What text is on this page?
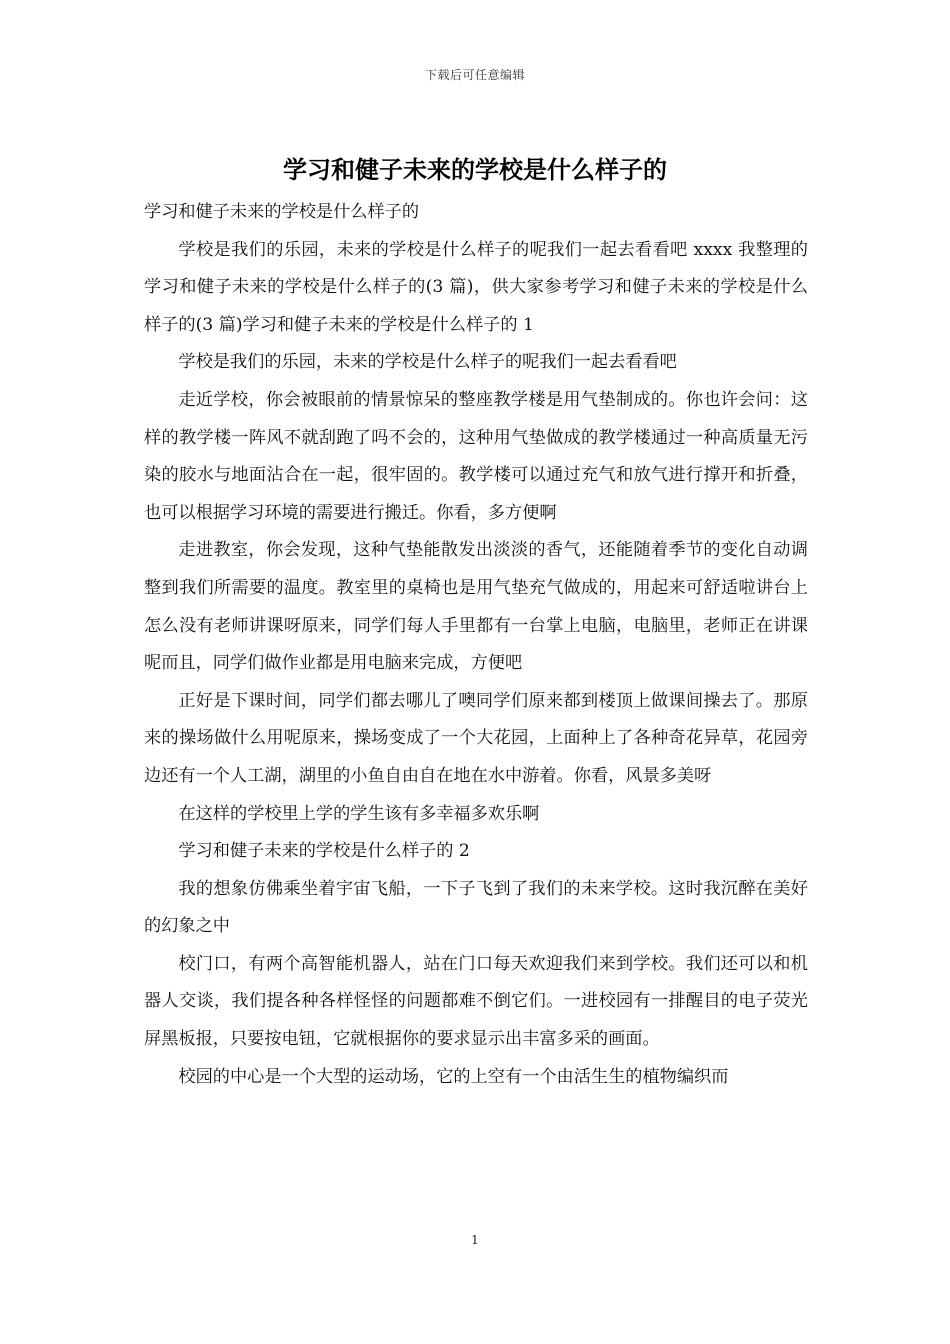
下载后可任意编辑
学习和健子未来的学校是什么样子的

学习和健子未来的学校是什么样子的

学校是我们的乐园，未来的学校是什么样子的呢我们一起去看看吧 xxxx 我整理的学习和健子未来的学校是什么样子的(3 篇)，供大家参考学习和健子未来的学校是什么样子的(3 篇)学习和健子未来的学校是什么样子的 1

学校是我们的乐园，未来的学校是什么样子的呢我们一起去看看吧

走近学校，你会被眼前的情景惊呆的整座教学楼是用气垫制成的。你也许会问：这样的教学楼一阵风不就刮跑了吗不会的，这种用气垫做成的教学楼通过一种高质量无污染的胶水与地面沾合在一起，很牢固的。教学楼可以通过充气和放气进行撑开和折叠，也可以根据学习环境的需要进行搬迁。你看，多方便啊

走进教室，你会发现，这种气垫能散发出淡淡的香气，还能随着季节的变化自动调整到我们所需要的温度。教室里的桌椅也是用气垫充气做成的，用起来可舒适啦讲台上怎么没有老师讲课呀原来，同学们每人手里都有一台掌上电脑，电脑里，老师正在讲课呢而且，同学们做作业都是用电脑来完成，方便吧

正好是下课时间，同学们都去哪儿了噢同学们原来都到楼顶上做课间操去了。那原来的操场做什么用呢原来，操场变成了一个大花园，上面种上了各种奇花异草，花园旁边还有一个人工湖，湖里的小鱼自由自在地在水中游着。你看，风景多美呀

在这样的学校里上学的学生该有多幸福多欢乐啊

学习和健子未来的学校是什么样子的 2

我的想象仿佛乘坐着宇宙飞船，一下子飞到了我们的未来学校。这时我沉醉在美好的幻象之中

校门口，有两个高智能机器人，站在门口每天欢迎我们来到学校。我们还可以和机器人交谈，我们提各种各样怪怪的问题都难不倒它们。一进校园有一排醒目的电子荧光屏黑板报，只要按电钮，它就根据你的要求显示出丰富多采的画面。

校园的中心是一个大型的运动场，它的上空有一个由活生生的植物编织而

1
